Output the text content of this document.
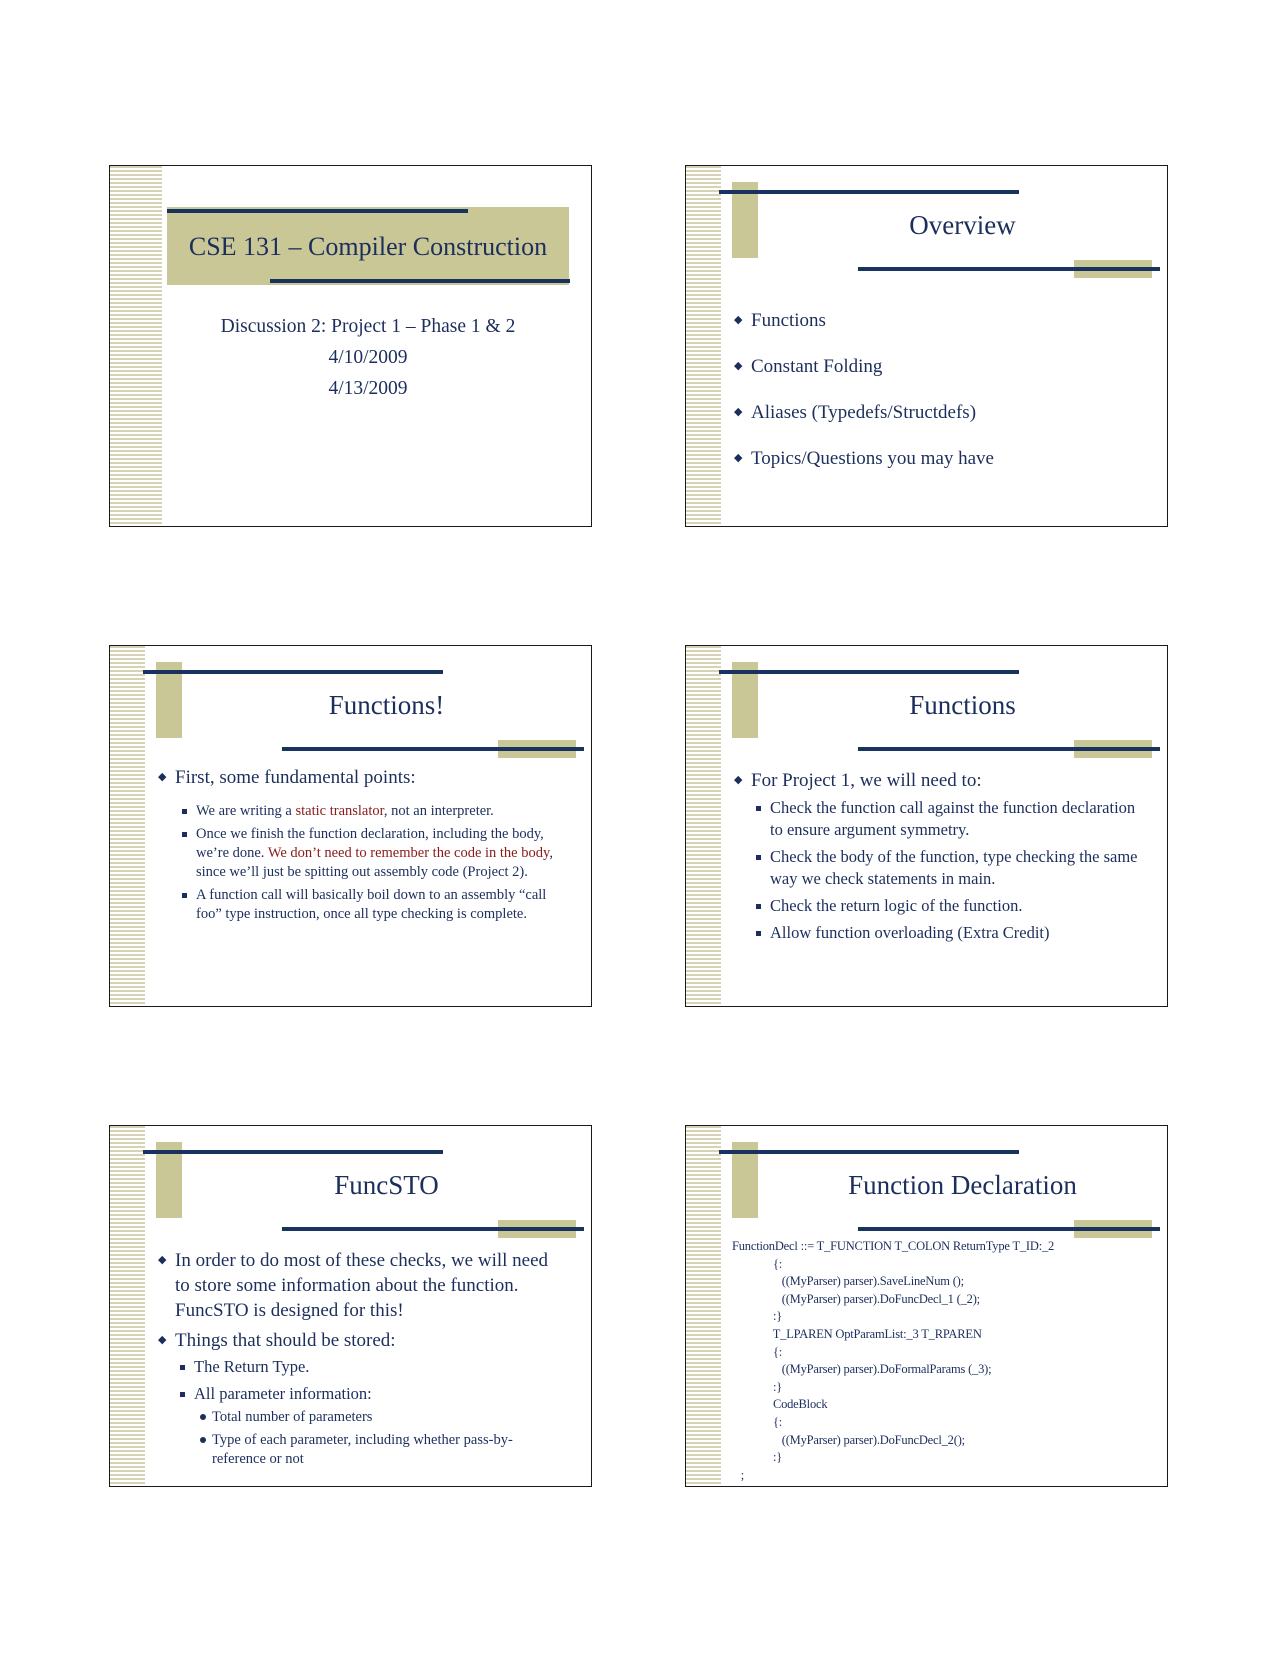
CSE 131 – Compiler Construction
Discussion 2: Project 1 – Phase 1 & 2
4/10/2009
4/13/2009
Overview
◆ Functions
◆ Constant Folding
◆ Aliases (Typedefs/Structdefs)
◆ Topics/Questions you may have
Functions!
◆ First, some fundamental points:
We are writing a static translator, not an interpreter.
Once we finish the function declaration, including the body, we’re done. We don’t need to remember the code in the body, since we’ll just be spitting out assembly code (Project 2).
A function call will basically boil down to an assembly “call foo” type instruction, once all type checking is complete.
Functions
◆ For Project 1, we will need to:
Check the function call against the function declaration to ensure argument symmetry.
Check the body of the function, type checking the same way we check statements in main.
Check the return logic of the function.
Allow function overloading (Extra Credit)
FuncSTO
◆ In order to do most of these checks, we will need to store some information about the function. FuncSTO is designed for this!
◆ Things that should be stored:
The Return Type.
All parameter information:
Total number of parameters
Type of each parameter, including whether pass-by-reference or not
Function Declaration
FunctionDecl ::= T_FUNCTION T_COLON ReturnType T_ID:_2
{:
((MyParser) parser).SaveLineNum ();
((MyParser) parser).DoFuncDecl_1 (_2);
:}
T_LPAREN OptParamList:_3 T_RPAREN
{:
((MyParser) parser).DoFormalParams (_3);
:}
CodeBlock
{:
((MyParser) parser).DoFuncDecl_2();
:}
;
